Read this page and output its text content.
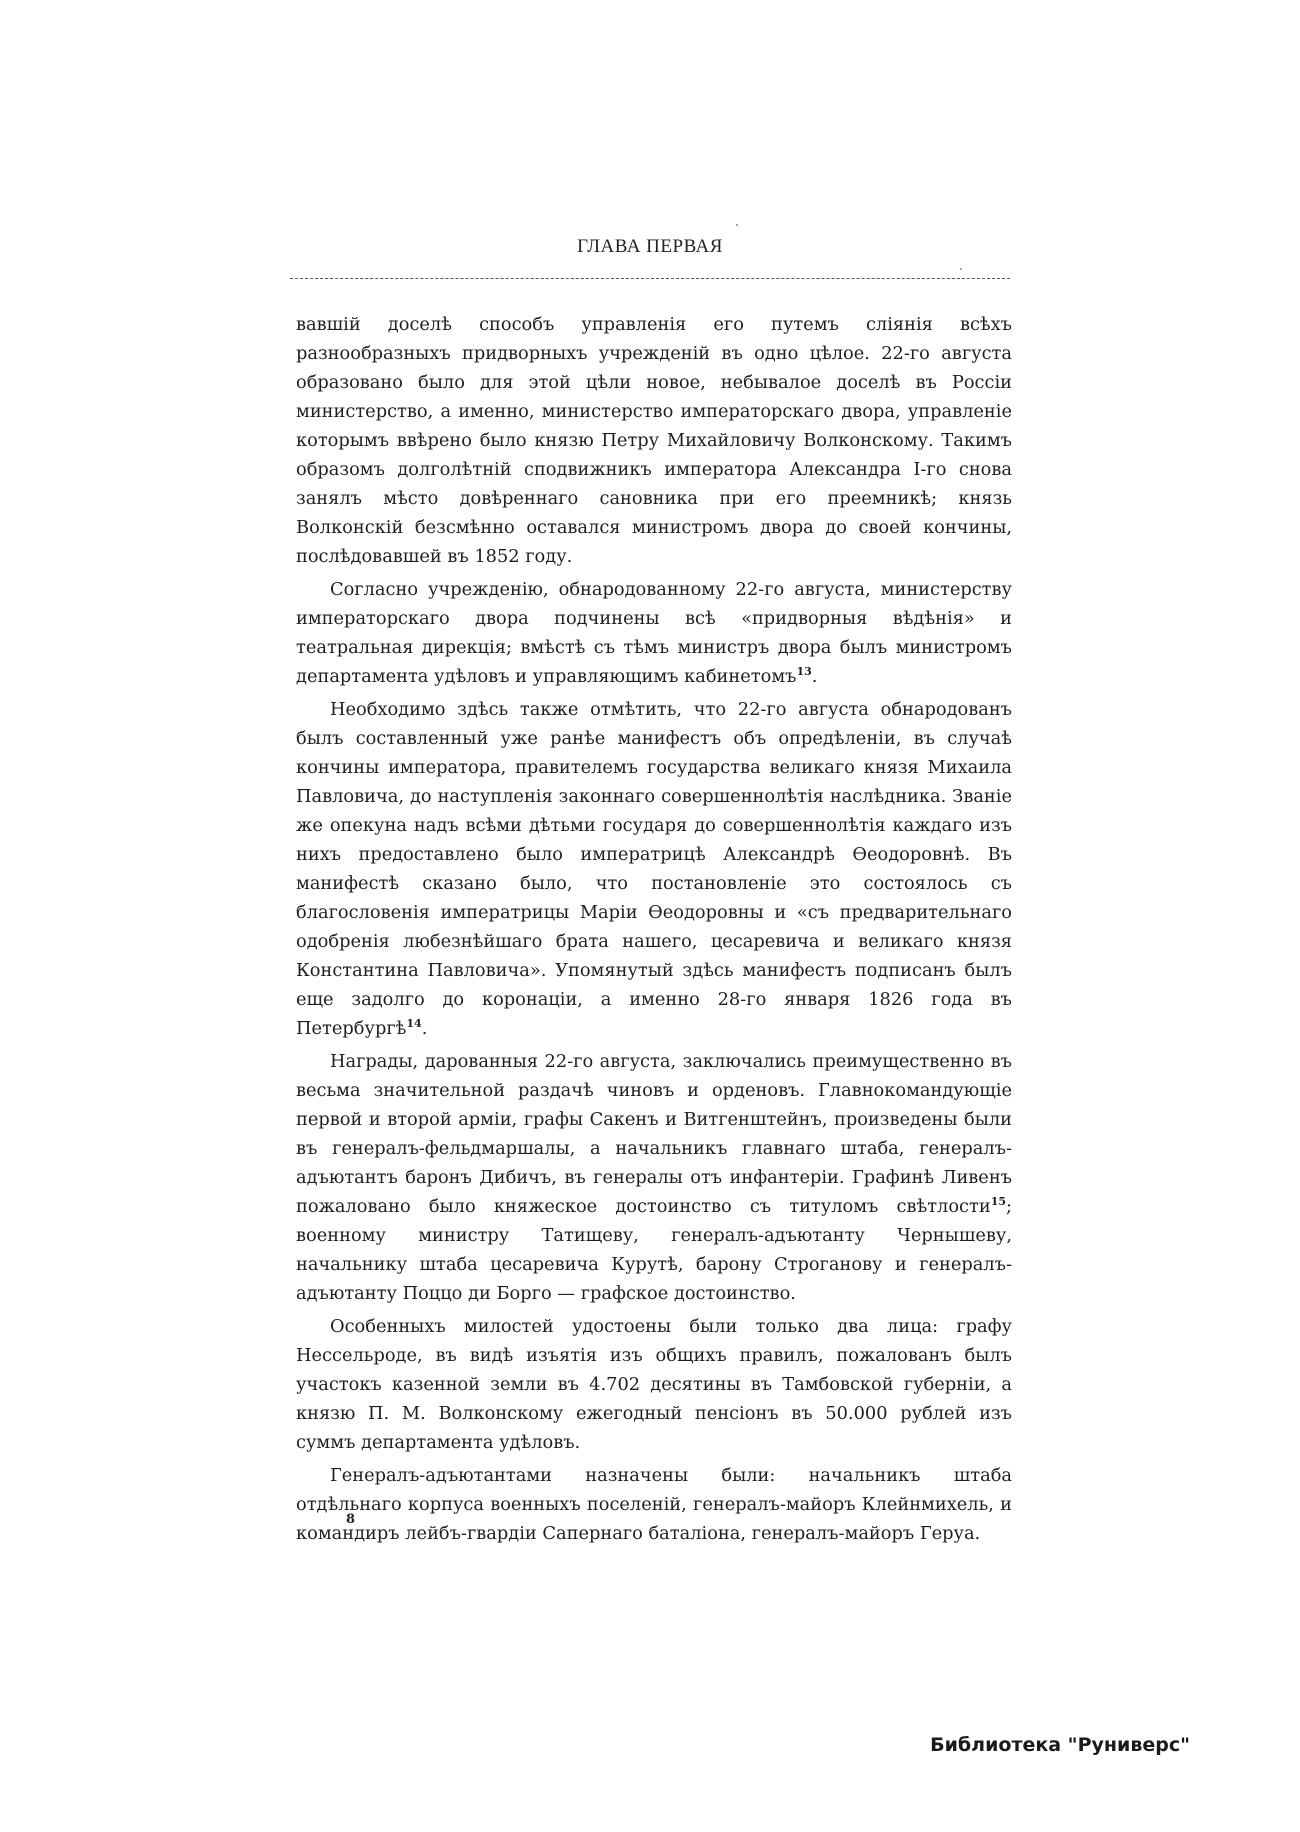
ГЛАВА ПЕРВАЯ

вавшій доселѣ способъ управленія его путемъ сліянія всѣхъ разнообразныхъ придворныхъ учрежденій въ одно цѣлое. 22-го августа образовано было для этой цѣли новое, небывалое доселѣ въ Россіи министерство, а именно, министерство императорскаго двора, управленіе которымъ ввѣрено было князю Петру Михайловичу Волконскому. Такимъ образомъ долголѣтній сподвижникъ императора Александра I-го снова занялъ мѣсто довѣреннаго сановника при его преемникѣ; князь Волконскій безсмѣнно оставался министромъ двора до своей кончины, послѣдовавшей въ 1852 году.

Согласно учрежденію, обнародованному 22-го августа, министерству императорскаго двора подчинены всѣ «придворныя вѣдѣнія» и театральная дирекція; вмѣстѣ съ тѣмъ министръ двора былъ министромъ департамента удѣловъ и управляющимъ кабинетомъ$^{13}$.

Необходимо здѣсь также отмѣтить, что 22-го августа обнародованъ былъ составленный уже ранѣе манифестъ объ опредѣленіи, въ случаѣ кончины императора, правителемъ государства великаго князя Михаила Павловича, до наступленія законнаго совершеннолѣтія наслѣдника. Званіе же опекуна надъ всѣми дѣтьми государя до совершеннолѣтія каждаго изъ нихъ предоставлено было императрицѣ Александрѣ Ѳеодоровнѣ. Въ манифестѣ сказано было, что постановленіе это состоялось съ благословенія императрицы Маріи Ѳеодоровны и «съ предварительнаго одобренія любезнѣйшаго брата нашего, цесаревича и великаго князя Константина Павловича». Упомянутый здѣсь манифестъ подписанъ былъ еще задолго до коронаціи, а именно 28-го января 1826 года въ Петербургѣ$^{14}$.

Награды, дарованныя 22-го августа, заключались преимущественно въ весьма значительной раздачѣ чиновъ и орденовъ. Главнокомандующіе первой и второй арміи, графы Сакенъ и Витгенштейнъ, произведены были въ генералъ-фельдмаршалы, а начальникъ главнаго штаба, генералъ-адъютантъ баронъ Дибичъ, въ генералы отъ инфантеріи. Графинѣ Ливенъ пожаловано было княжеское достоинство съ титуломъ свѣтлости$^{15}$; военному министру Татищеву, генералъ-адъютанту Чернышеву, начальнику штаба цесаревича Курутѣ, барону Строганову и генералъ-адъютанту Поццо ди Борго — графское достоинство.

Особенныхъ милостей удостоены были только два лица: графу Нессельроде, въ видѣ изъятія изъ общихъ правилъ, пожалованъ былъ участокъ казенной земли въ 4.702 десятины въ Тамбовской губерніи, а князю П. М. Волконскому ежегодный пенсіонъ въ 50.000 рублей изъ суммъ департамента удѣловъ.

Генералъ-адъютантами назначены были: начальникъ штаба отдѣльнаго корпуса военныхъ поселеній, генералъ-майоръ Клейнмихель, и командиръ лейбъ-гвардіи Сапернаго баталіона, генералъ-майоръ Геруа.

8
Библиотека "Руниверс"
